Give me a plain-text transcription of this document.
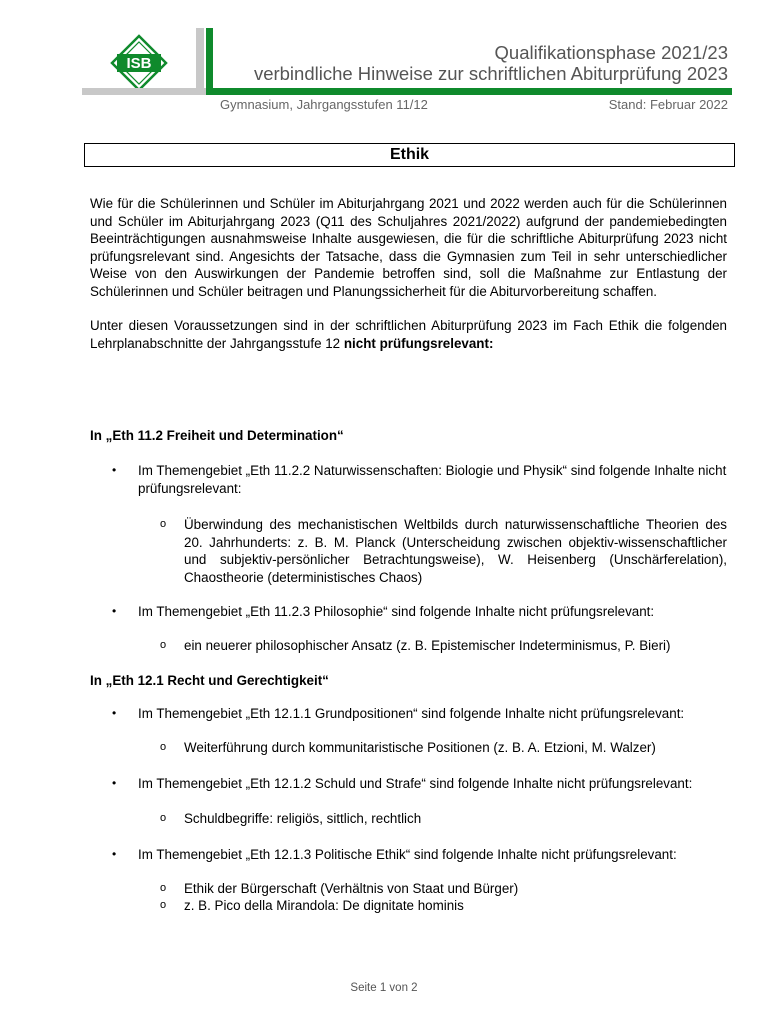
ISB
Qualifikationsphase 2021/23
verbindliche Hinweise zur schriftlichen Abiturprüfung 2023
Gymnasium, Jahrgangsstufen 11/12	Stand: Februar 2022
Ethik

Wie für die Schülerinnen und Schüler im Abiturjahrgang 2021 und 2022 werden auch für die Schülerinnen und Schüler im Abiturjahrgang 2023 (Q11 des Schuljahres 2021/2022) aufgrund der pandemiebedingten Beeinträchtigungen ausnahmsweise Inhalte ausgewiesen, die für die schriftliche Abiturprüfung 2023 nicht prüfungsrelevant sind. Angesichts der Tatsache, dass die Gymnasien zum Teil in sehr unterschiedlicher Weise von den Auswirkungen der Pandemie betroffen sind, soll die Maßnahme zur Entlastung der Schülerinnen und Schüler beitragen und Planungssicherheit für die Abiturvorbereitung schaffen.

Unter diesen Voraussetzungen sind in der schriftlichen Abiturprüfung 2023 im Fach Ethik die folgenden Lehrplanabschnitte der Jahrgangsstufe 12 nicht prüfungsrelevant:

In „Eth 11.2 Freiheit und Determination“
• Im Themengebiet „Eth 11.2.2 Naturwissenschaften: Biologie und Physik“ sind folgende Inhalte nicht prüfungsrelevant:
o Überwindung des mechanistischen Weltbilds durch naturwissenschaftliche Theorien des 20. Jahrhunderts: z. B. M. Planck (Unterscheidung zwischen objektiv-wissenschaftlicher und subjektiv-persönlicher Betrachtungsweise), W. Heisenberg (Unschärferelation), Chaostheorie (deterministisches Chaos)
• Im Themengebiet „Eth 11.2.3 Philosophie“ sind folgende Inhalte nicht prüfungsrelevant:
o ein neuerer philosophischer Ansatz (z. B. Epistemischer Indeterminismus, P. Bieri)
In „Eth 12.1 Recht und Gerechtigkeit“
• Im Themengebiet „Eth 12.1.1 Grundpositionen“ sind folgende Inhalte nicht prüfungsrelevant:
o Weiterführung durch kommunitaristische Positionen (z. B. A. Etzioni, M. Walzer)
• Im Themengebiet „Eth 12.1.2 Schuld und Strafe“ sind folgende Inhalte nicht prüfungsrelevant:
o Schuldbegriffe: religiös, sittlich, rechtlich
• Im Themengebiet „Eth 12.1.3 Politische Ethik“ sind folgende Inhalte nicht prüfungsrelevant:
o Ethik der Bürgerschaft (Verhältnis von Staat und Bürger)
o z. B. Pico della Mirandola: De dignitate hominis
Seite 1 von 2
